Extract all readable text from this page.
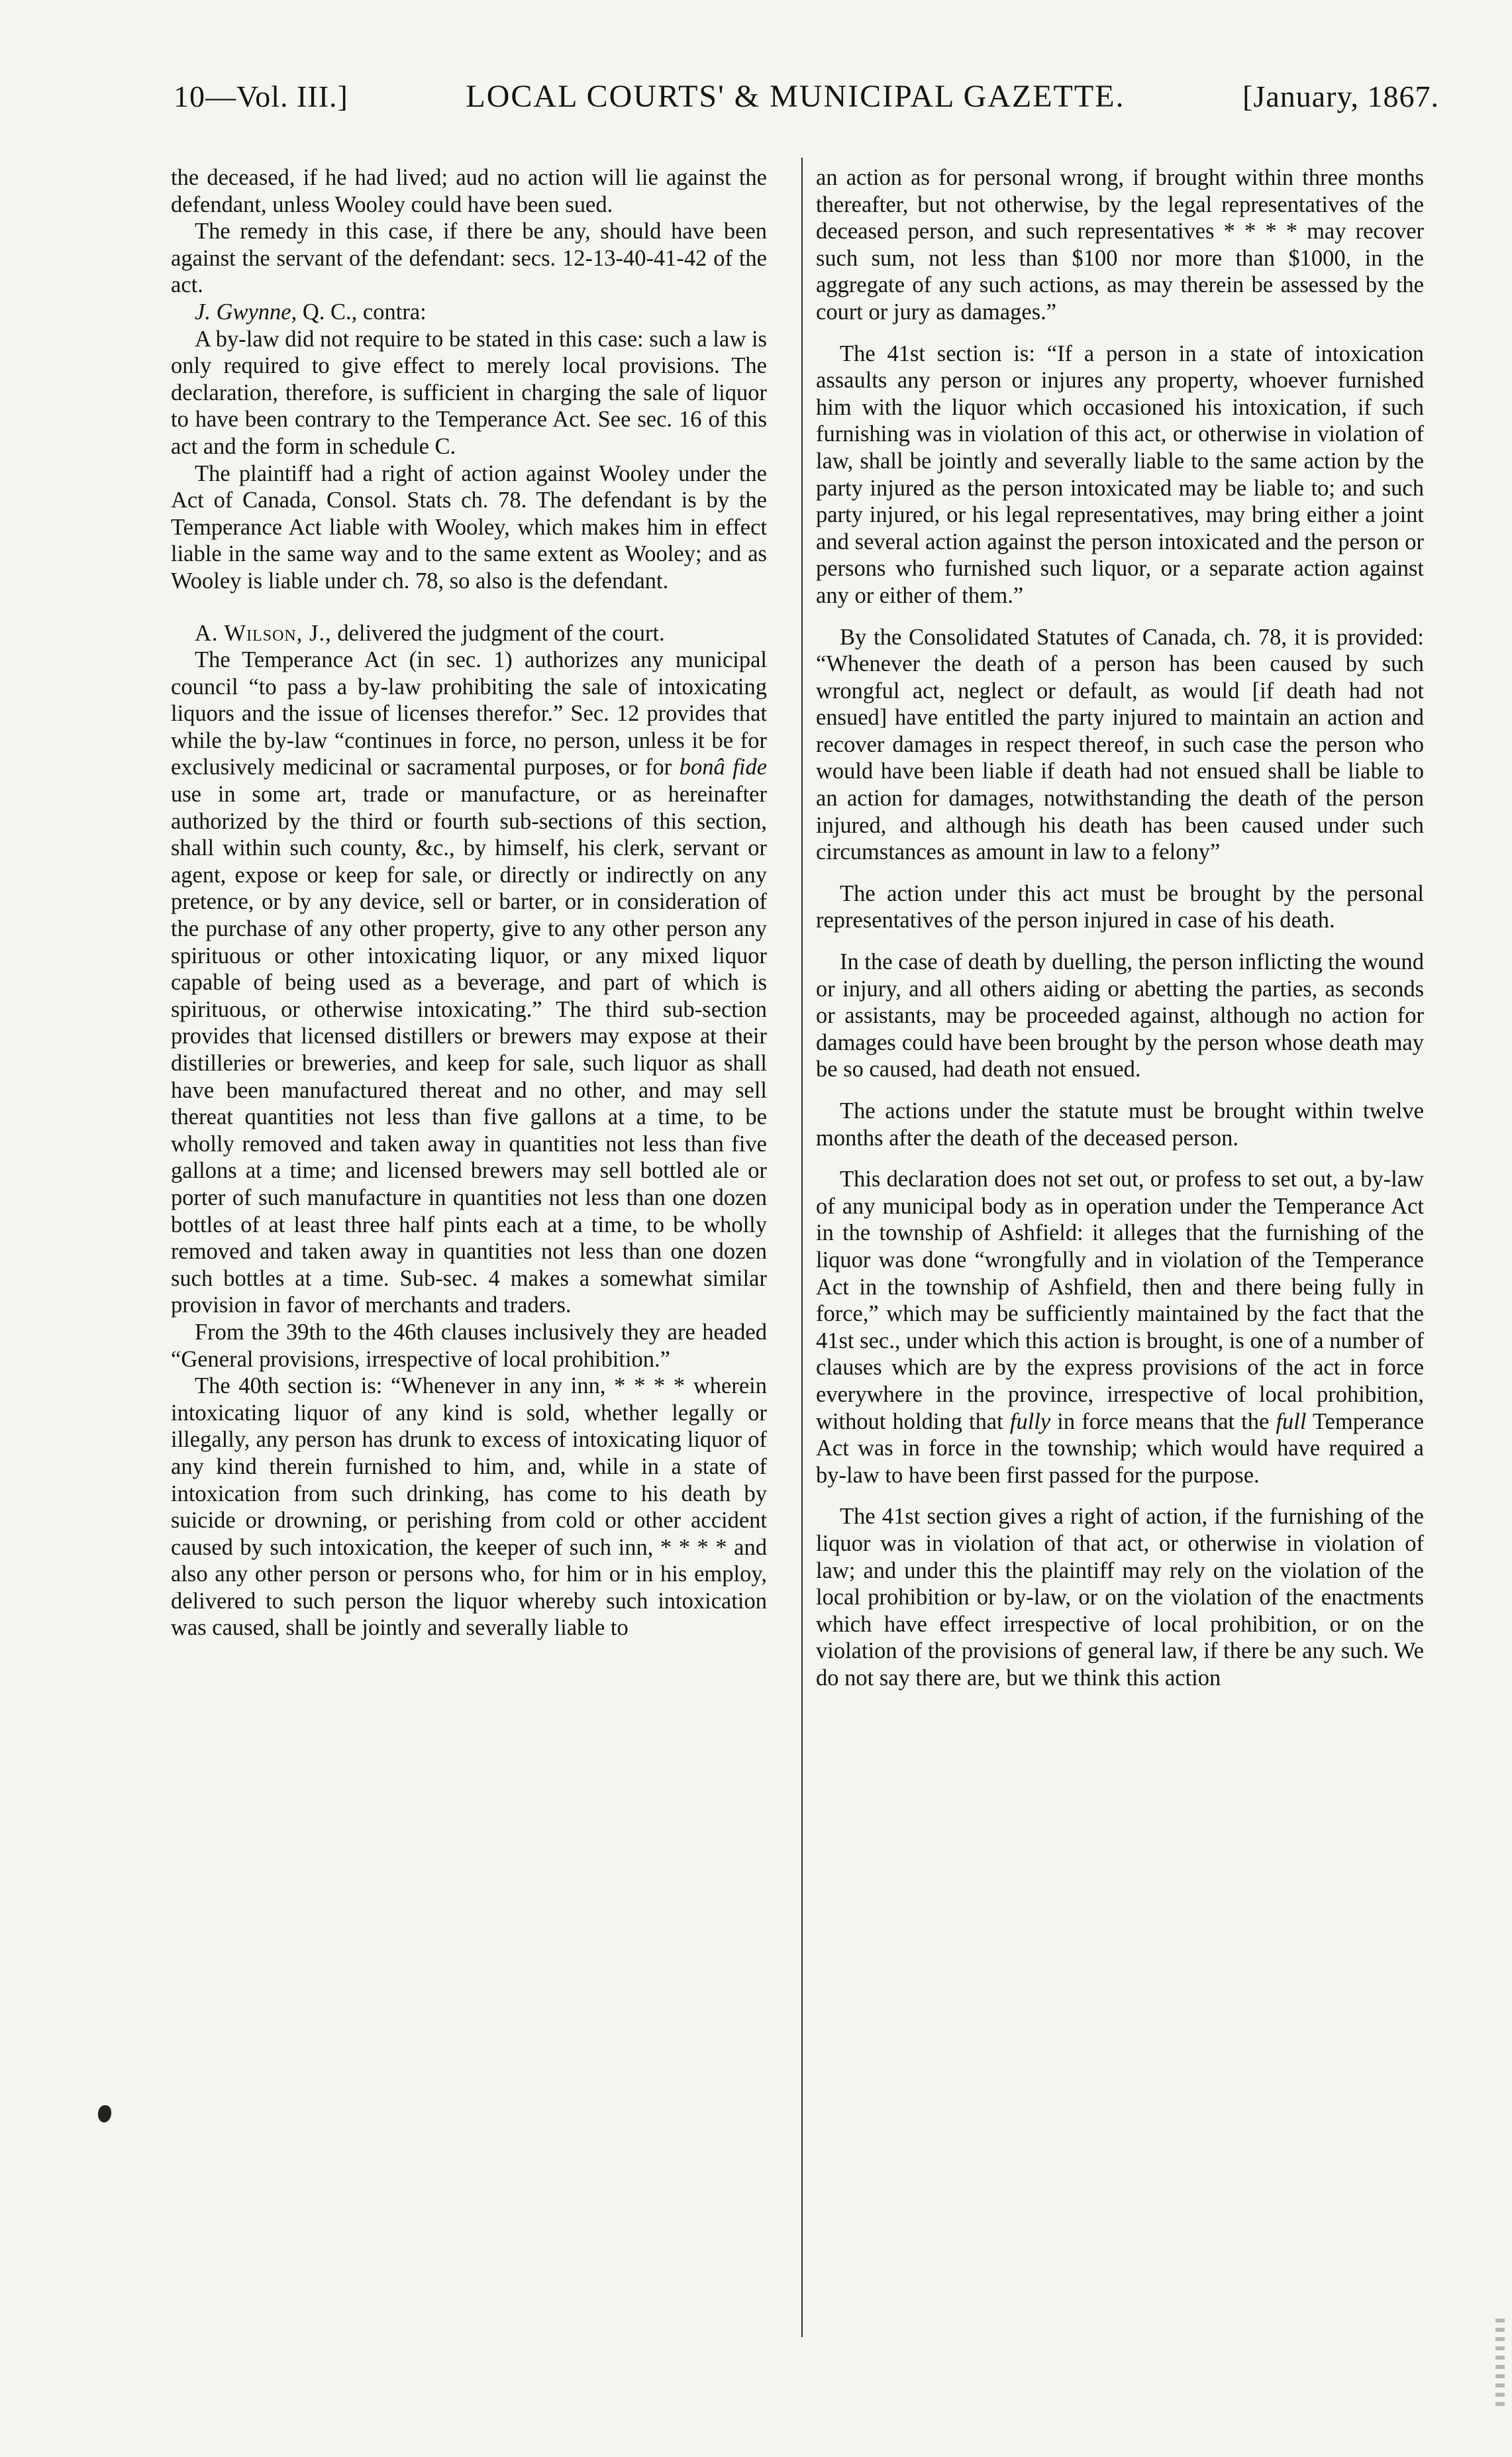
10—Vol. III.]	LOCAL COURTS' & MUNICIPAL GAZETTE.	[January, 1867.

the deceased, if he had lived; aud no action will lie against the defendant, unless Wooley could have been sued.

The remedy in this case, if there be any, should have been against the servant of the defendant: secs. 12-13-40-41-42 of the act.

J. Gwynne, Q. C., contra:

A by-law did not require to be stated in this case: such a law is only required to give effect to merely local provisions. The declaration, therefore, is sufficient in charging the sale of liquor to have been contrary to the Temperance Act. See sec. 16 of this act and the form in schedule C.

The plaintiff had a right of action against Wooley under the Act of Canada, Consol. Stats ch. 78. The defendant is by the Temperance Act liable with Wooley, which makes him in effect liable in the same way and to the same extent as Wooley; and as Wooley is liable under ch. 78, so also is the defendant.

A. Wilson, J., delivered the judgment of the court.

The Temperance Act (in sec. 1) authorizes any municipal council “to pass a by-law prohibiting the sale of intoxicating liquors and the issue of licenses therefor.” Sec. 12 provides that while the by-law “continues in force, no person, unless it be for exclusively medicinal or sacramental purposes, or for bonâ fide use in some art, trade or manufacture, or as hereinafter authorized by the third or fourth sub-sections of this section, shall within such county, &c., by himself, his clerk, servant or agent, expose or keep for sale, or directly or indirectly on any pretence, or by any device, sell or barter, or in consideration of the purchase of any other property, give to any other person any spirituous or other intoxicating liquor, or any mixed liquor capable of being used as a beverage, and part of which is spirituous, or otherwise intoxicating.” The third sub-section provides that licensed distillers or brewers may expose at their distilleries or breweries, and keep for sale, such liquor as shall have been manufactured thereat and no other, and may sell thereat quantities not less than five gallons at a time, to be wholly removed and taken away in quantities not less than five gallons at a time; and licensed brewers may sell bottled ale or porter of such manufacture in quantities not less than one dozen bottles of at least three half pints each at a time, to be wholly removed and taken away in quantities not less than one dozen such bottles at a time. Sub-sec. 4 makes a somewhat similar provision in favor of merchants and traders.

From the 39th to the 46th clauses inclusively they are headed “General provisions, irrespective of local prohibition.”

The 40th section is: “Whenever in any inn, * * * * wherein intoxicating liquor of any kind is sold, whether legally or illegally, any person has drunk to excess of intoxicating liquor of any kind therein furnished to him, and, while in a state of intoxication from such drinking, has come to his death by suicide or drowning, or perishing from cold or other accident caused by such intoxication, the keeper of such inn, * * * * and also any other person or persons who, for him or in his employ, delivered to such person the liquor whereby such intoxication was caused, shall be jointly and severally liable to

an action as for personal wrong, if brought within three months thereafter, but not otherwise, by the legal representatives of the deceased person, and such representatives * * * * may recover such sum, not less than $100 nor more than $1000, in the aggregate of any such actions, as may therein be assessed by the court or jury as damages.”

The 41st section is: “If a person in a state of intoxication assaults any person or injures any property, whoever furnished him with the liquor which occasioned his intoxication, if such furnishing was in violation of this act, or otherwise in violation of law, shall be jointly and severally liable to the same action by the party injured as the person intoxicated may be liable to; and such party injured, or his legal representatives, may bring either a joint and several action against the person intoxicated and the person or persons who furnished such liquor, or a separate action against any or either of them.”

By the Consolidated Statutes of Canada, ch. 78, it is provided: “Whenever the death of a person has been caused by such wrongful act, neglect or default, as would [if death had not ensued] have entitled the party injured to maintain an action and recover damages in respect thereof, in such case the person who would have been liable if death had not ensued shall be liable to an action for damages, notwithstanding the death of the person injured, and although his death has been caused under such circumstances as amount in law to a felony”

The action under this act must be brought by the personal representatives of the person injured in case of his death.

In the case of death by duelling, the person inflicting the wound or injury, and all others aiding or abetting the parties, as seconds or assistants, may be proceeded against, although no action for damages could have been brought by the person whose death may be so caused, had death not ensued.

The actions under the statute must be brought within twelve months after the death of the deceased person.

This declaration does not set out, or profess to set out, a by-law of any municipal body as in operation under the Temperance Act in the township of Ashfield: it alleges that the furnishing of the liquor was done “wrongfully and in violation of the Temperance Act in the township of Ashfield, then and there being fully in force,” which may be sufficiently maintained by the fact that the 41st sec., under which this action is brought, is one of a number of clauses which are by the express provisions of the act in force everywhere in the province, irrespective of local prohibition, without holding that fully in force means that the full Temperance Act was in force in the township; which would have required a by-law to have been first passed for the purpose.

The 41st section gives a right of action, if the furnishing of the liquor was in violation of that act, or otherwise in violation of law; and under this the plaintiff may rely on the violation of the local prohibition or by-law, or on the violation of the enactments which have effect irrespective of local prohibition, or on the violation of the provisions of general law, if there be any such. We do not say there are, but we think this action
